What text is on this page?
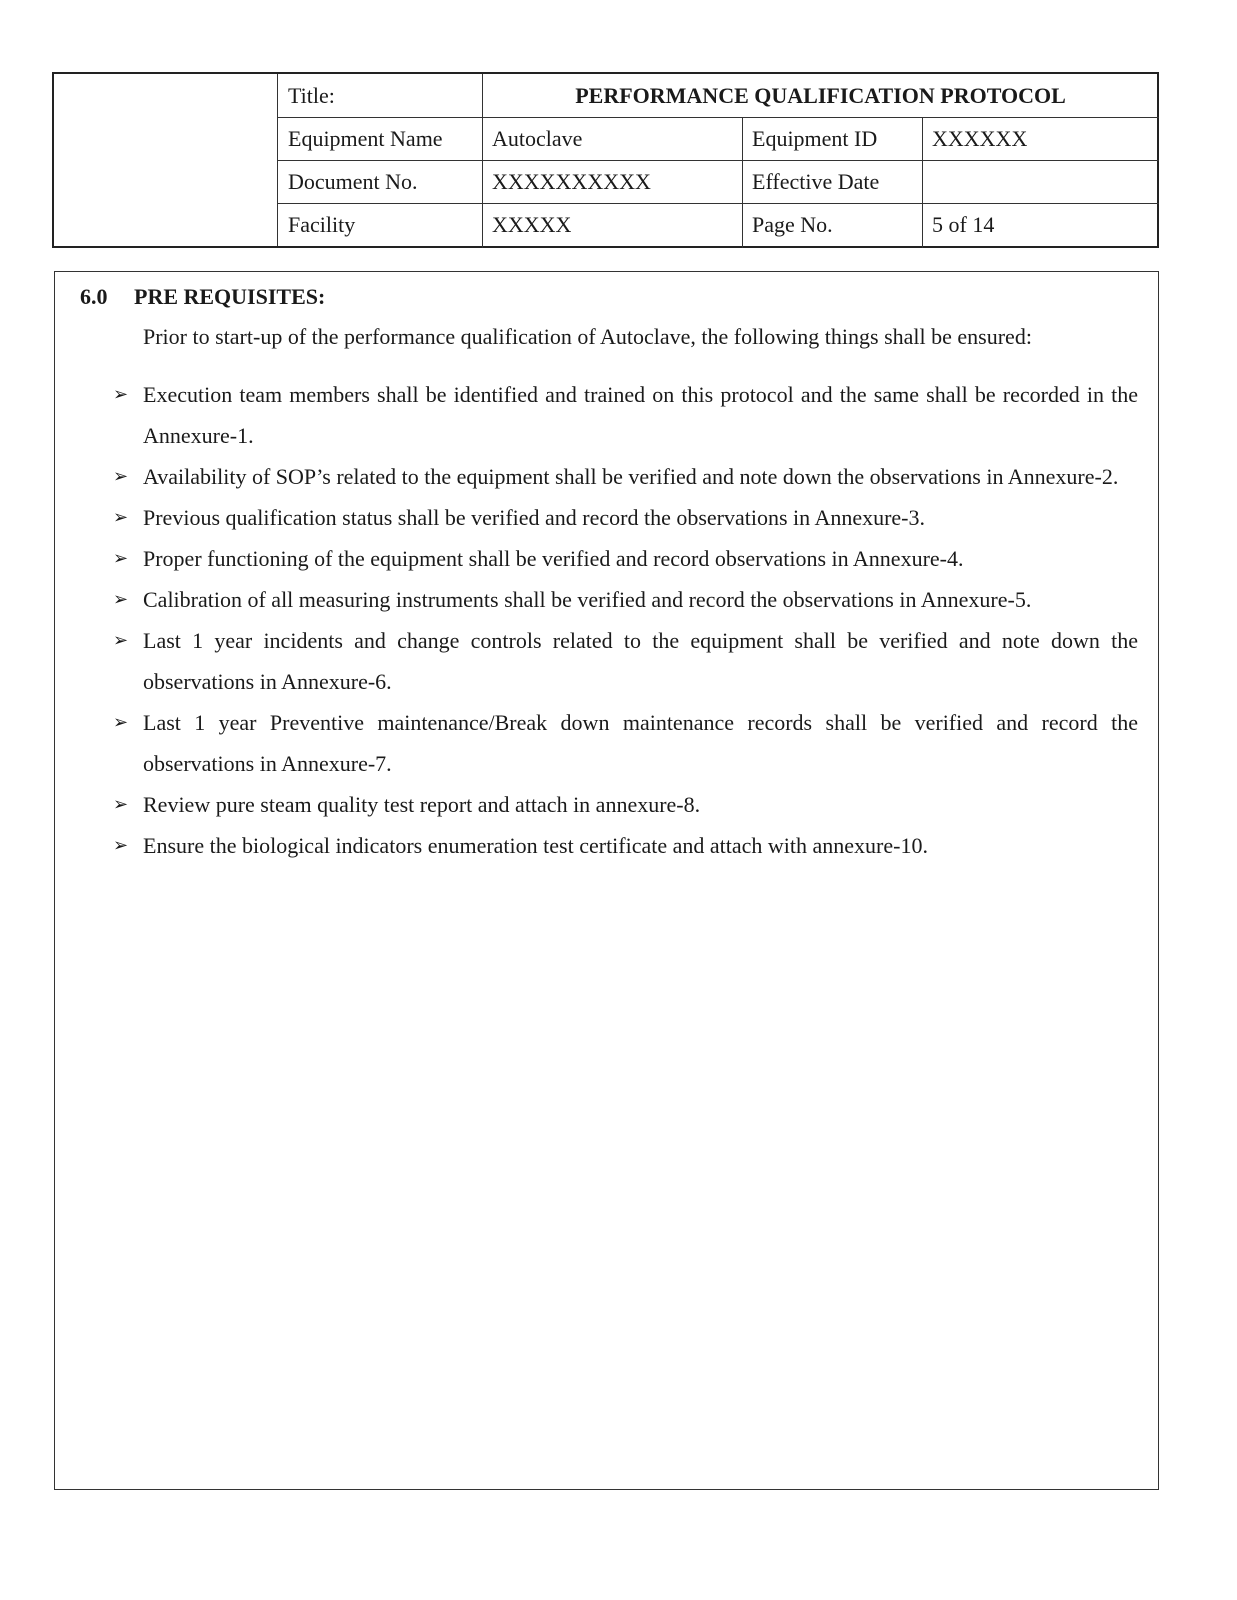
Title:	PERFORMANCE QUALIFICATION PROTOCOL
Equipment Name	Autoclave	Equipment ID	XXXXXX
Document No.	XXXXXXXXXX	Effective Date
Facility	XXXXX	Page No.	5 of 14
6.0 PRE REQUISITES:
Prior to start-up of the performance qualification of Autoclave, the following things shall be ensured:
➢ Execution team members shall be identified and trained on this protocol and the same shall be recorded in the Annexure-1.
➢ Availability of SOP’s related to the equipment shall be verified and note down the observations in Annexure-2.
➢ Previous qualification status shall be verified and record the observations in Annexure-3.
➢ Proper functioning of the equipment shall be verified and record observations in Annexure-4.
➢ Calibration of all measuring instruments shall be verified and record the observations in Annexure-5.
➢ Last 1 year incidents and change controls related to the equipment shall be verified and note down the observations in Annexure-6.
➢ Last 1 year Preventive maintenance/Break down maintenance records shall be verified and record the observations in Annexure-7.
➢ Review pure steam quality test report and attach in annexure-8.
➢ Ensure the biological indicators enumeration test certificate and attach with annexure-10.
